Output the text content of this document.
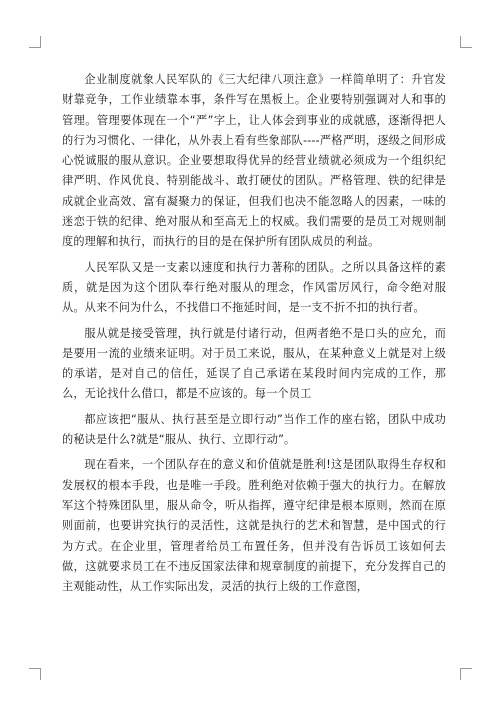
企业制度就象人民军队的《三大纪律八项注意》一样简单明了：升官发财靠竞争，工作业绩靠本事，条件写在黑板上。企业要特别强调对人和事的管理。管理要体现在一个“严”字上，让人体会到事业的成就感，逐渐得把人的行为习惯化、一律化，从外表上看有些象部队----严格严明，逐级之间形成心悦诚服的服从意识。企业要想取得优异的经营业绩就必须成为一个组织纪律严明、作风优良、特别能战斗、敢打硬仗的团队。严格管理、铁的纪律是成就企业高效、富有凝聚力的保证，但我们也决不能忽略人的因素，一味的迷恋于铁的纪律、绝对服从和至高无上的权威。我们需要的是员工对规则制度的理解和执行，而执行的目的是在保护所有团队成员的利益。

人民军队又是一支素以速度和执行力著称的团队。之所以具备这样的素质，就是因为这个团队奉行绝对服从的理念，作风雷厉风行，命令绝对服从。从来不问为什么，不找借口不拖延时间，是一支不折不扣的执行者。

服从就是接受管理，执行就是付诸行动，但两者绝不是口头的应允，而是要用一流的业绩来证明。对于员工来说，服从，在某种意义上就是对上级的承诺，是对自己的信任，延误了自己承诺在某段时间内完成的工作，那么，无论找什么借口，都是不应该的。每一个员工

都应该把“服从、执行甚至是立即行动”当作工作的座右铭，团队中成功的秘诀是什么?就是“服从、执行、立即行动”。

现在看来，一个团队存在的意义和价值就是胜利!这是团队取得生存权和发展权的根本手段，也是唯一手段。胜利绝对依赖于强大的执行力。在解放军这个特殊团队里，服从命令，听从指挥，遵守纪律是根本原则，然而在原则面前，也要讲究执行的灵活性，这就是执行的艺术和智慧，是中国式的行为方式。在企业里，管理者给员工布置任务，但并没有告诉员工该如何去做，这就要求员工在不违反国家法律和规章制度的前提下，充分发挥自己的主观能动性，从工作实际出发，灵活的执行上级的工作意图，
